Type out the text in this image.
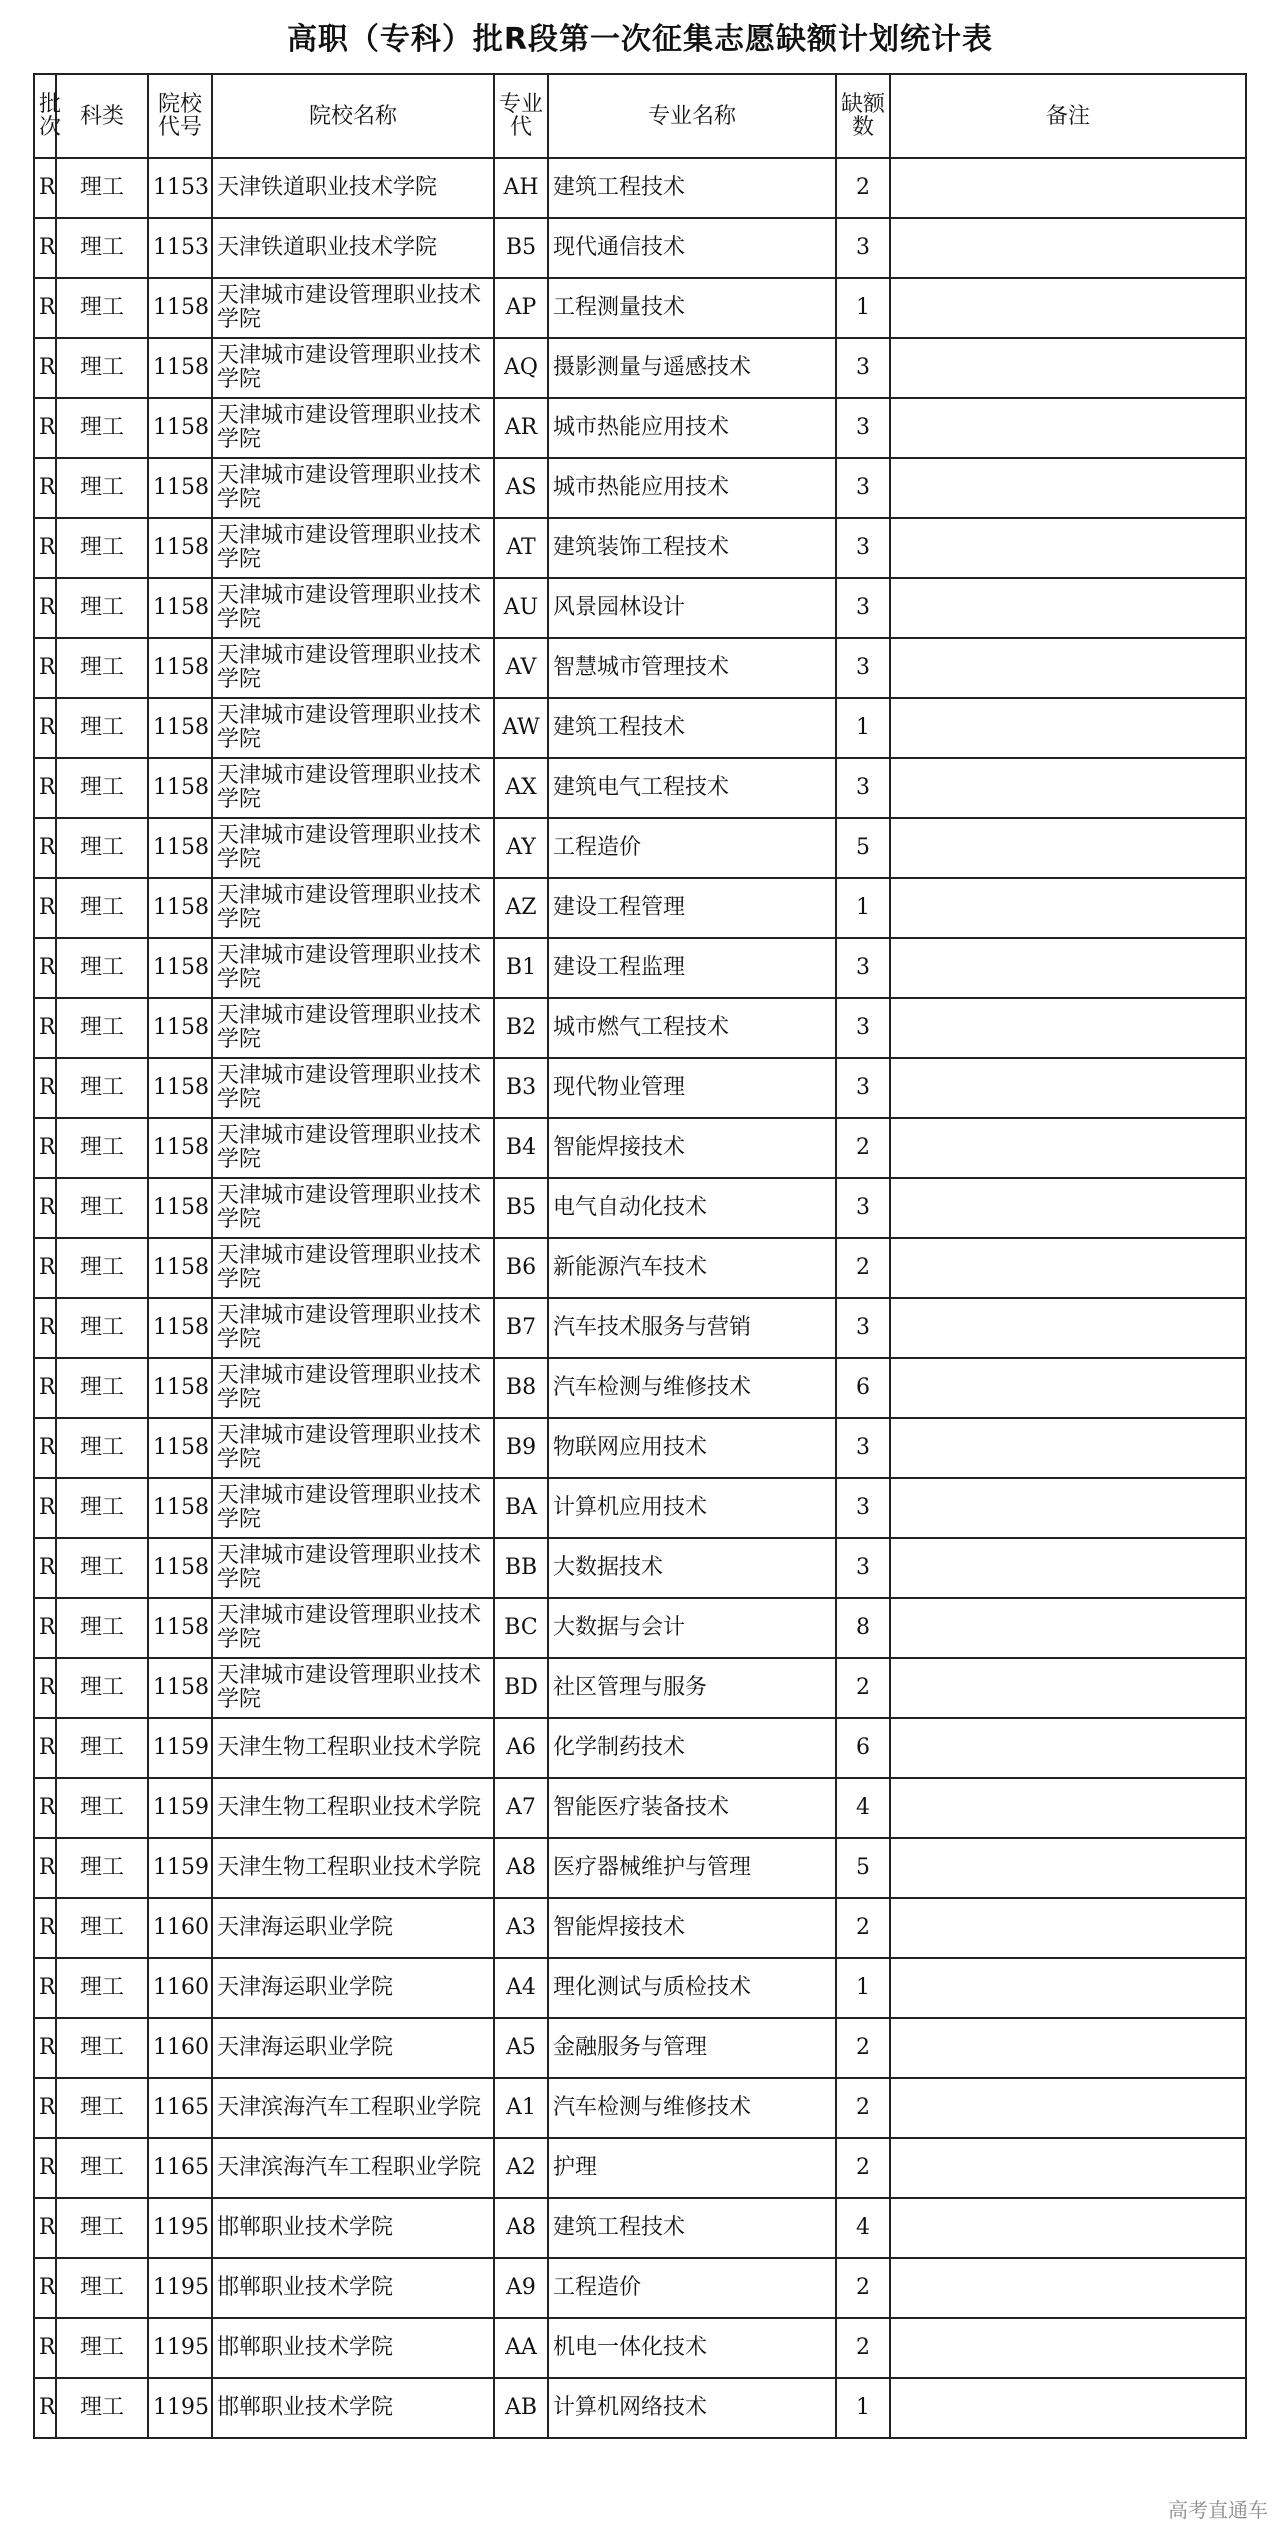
高职（专科）批R段第一次征集志愿缺额计划统计表
批次	科类	院校代号	院校名称	专业代	专业名称	缺额数	备注
R	理工	1153	天津铁道职业技术学院	AH	建筑工程技术	2	
R	理工	1153	天津铁道职业技术学院	B5	现代通信技术	3	
R	理工	1158	天津城市建设管理职业技术学院	AP	工程测量技术	1	
R	理工	1158	天津城市建设管理职业技术学院	AQ	摄影测量与遥感技术	3	
R	理工	1158	天津城市建设管理职业技术学院	AR	城市热能应用技术	3	
R	理工	1158	天津城市建设管理职业技术学院	AS	城市热能应用技术	3	
R	理工	1158	天津城市建设管理职业技术学院	AT	建筑装饰工程技术	3	
R	理工	1158	天津城市建设管理职业技术学院	AU	风景园林设计	3	
R	理工	1158	天津城市建设管理职业技术学院	AV	智慧城市管理技术	3	
R	理工	1158	天津城市建设管理职业技术学院	AW	建筑工程技术	1	
R	理工	1158	天津城市建设管理职业技术学院	AX	建筑电气工程技术	3	
R	理工	1158	天津城市建设管理职业技术学院	AY	工程造价	5	
R	理工	1158	天津城市建设管理职业技术学院	AZ	建设工程管理	1	
R	理工	1158	天津城市建设管理职业技术学院	B1	建设工程监理	3	
R	理工	1158	天津城市建设管理职业技术学院	B2	城市燃气工程技术	3	
R	理工	1158	天津城市建设管理职业技术学院	B3	现代物业管理	3	
R	理工	1158	天津城市建设管理职业技术学院	B4	智能焊接技术	2	
R	理工	1158	天津城市建设管理职业技术学院	B5	电气自动化技术	3	
R	理工	1158	天津城市建设管理职业技术学院	B6	新能源汽车技术	2	
R	理工	1158	天津城市建设管理职业技术学院	B7	汽车技术服务与营销	3	
R	理工	1158	天津城市建设管理职业技术学院	B8	汽车检测与维修技术	6	
R	理工	1158	天津城市建设管理职业技术学院	B9	物联网应用技术	3	
R	理工	1158	天津城市建设管理职业技术学院	BA	计算机应用技术	3	
R	理工	1158	天津城市建设管理职业技术学院	BB	大数据技术	3	
R	理工	1158	天津城市建设管理职业技术学院	BC	大数据与会计	8	
R	理工	1158	天津城市建设管理职业技术学院	BD	社区管理与服务	2	
R	理工	1159	天津生物工程职业技术学院	A6	化学制药技术	6	
R	理工	1159	天津生物工程职业技术学院	A7	智能医疗装备技术	4	
R	理工	1159	天津生物工程职业技术学院	A8	医疗器械维护与管理	5	
R	理工	1160	天津海运职业学院	A3	智能焊接技术	2	
R	理工	1160	天津海运职业学院	A4	理化测试与质检技术	1	
R	理工	1160	天津海运职业学院	A5	金融服务与管理	2	
R	理工	1165	天津滨海汽车工程职业学院	A1	汽车检测与维修技术	2	
R	理工	1165	天津滨海汽车工程职业学院	A2	护理	2	
R	理工	1195	邯郸职业技术学院	A8	建筑工程技术	4	
R	理工	1195	邯郸职业技术学院	A9	工程造价	2	
R	理工	1195	邯郸职业技术学院	AA	机电一体化技术	2	
R	理工	1195	邯郸职业技术学院	AB	计算机网络技术	1	
高考直通车
